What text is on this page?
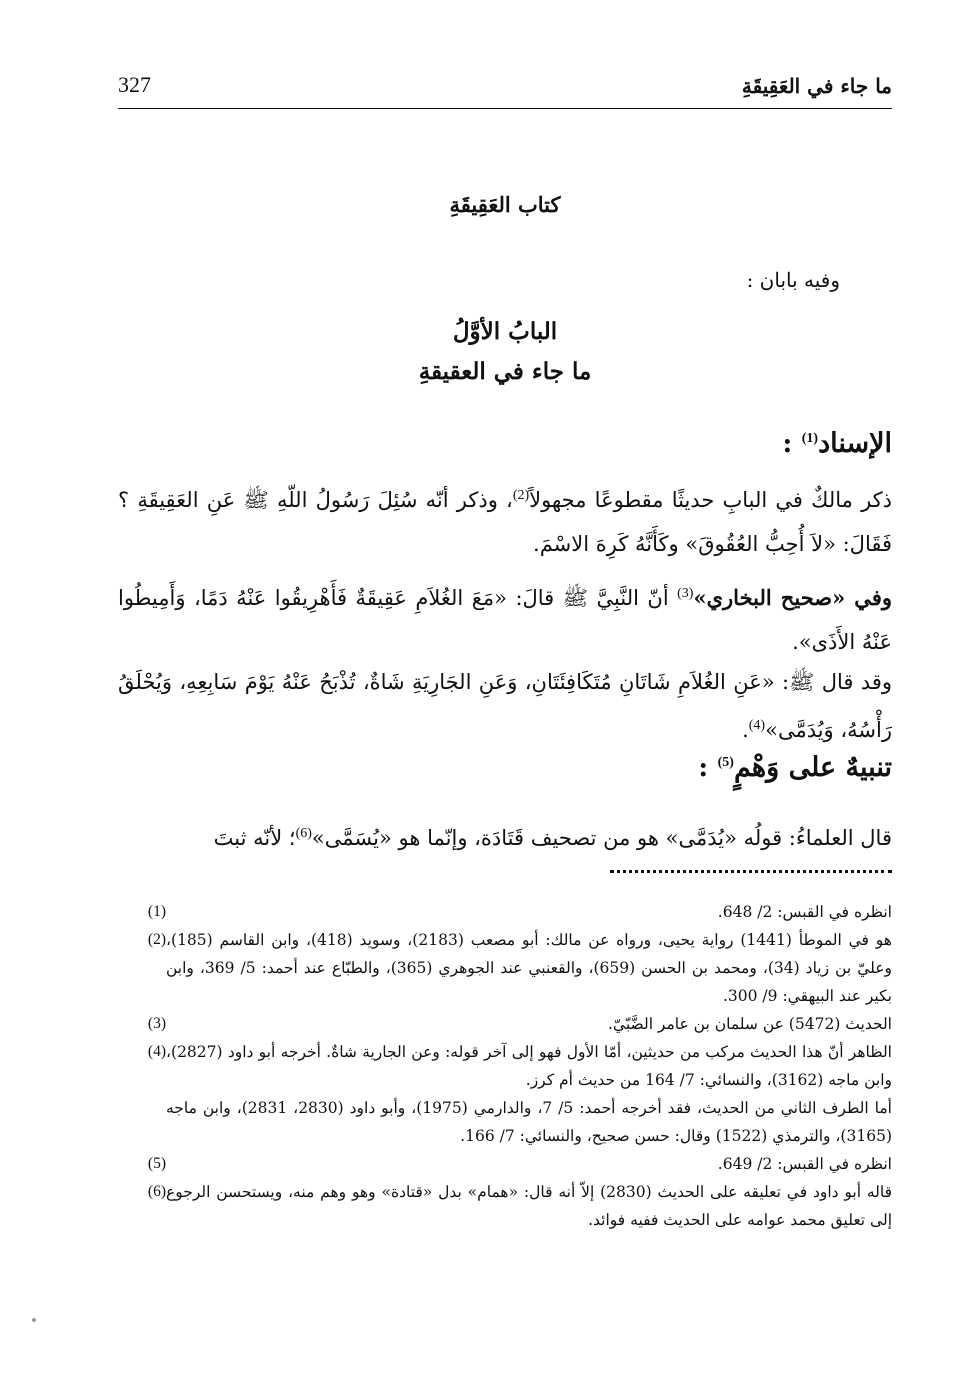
ما جاء في العَقِيقَةِ
327
كتاب العَقِيقَةِ
وفيه بابان :
البابُ الأوَّلُ
ما جاء في العقيقةِ
الإسناد$^{(1)}$ :
ذكر مالكٌ في البابِ حديثًا مقطوعًا مجهولاً$^{(2)}$، وذكر أنّه سُئِلَ رَسُولُ اللّهِ ﷺ عَنِ العَقِيقَةِ ؟ فَقَالَ: «لاَ أُحِبُّ العُقُوقَ» وكَأَنَّهُ كَرِهَ الاسْمَ.
وفي «صحيح البخاري»$^{(3)}$ أنّ النَّبِيَّ ﷺ قالَ: «مَعَ الغُلاَمِ عَقِيقَةٌ فَأَهْرِيقُوا عَنْهُ دَمًا، وَأَمِيطُوا عَنْهُ الأَذَى».
وقد قال ﷺ: «عَنِ الغُلاَمِ شَاتَانِ مُتَكَافِئَتَانِ، وَعَنِ الجَارِيَةِ شَاةٌ، تُذْبَحُ عَنْهُ يَوْمَ سَابِعِهِ، وَيُحْلَقُ رَأْسُهُ، وَيُدَمَّى»$^{(4)}$.
تنبيهٌ على وَهْمٍ$^{(5)}$ :
قال العلماءُ: قولُه «يُدَمَّى» هو من تصحيف قَتَادَة، وإنّما هو «يُسَمَّى»$^{(6)}$؛ لأنّه ثبتَ
انظره في القبس: 2/ 648.
(1)
هو في الموطأ (1441) رواية يحيى، ورواه عن مالك: أبو مصعب (2183)، وسويد (418)، وابن القاسم (185)، وعليّ بن زياد (34)، ومحمد بن الحسن (659)، والقعنبي عند الجوهري (365)، والطبّاع عند أحمد: 5/ 369، وابن بكير عند البيهقي: 9/ 300.
(2)
الحديث (5472) عن سلمان بن عامر الضَّبّيّ.
(3)
الظاهر أنّ هذا الحديث مركب من حديثين، أمّا الأول فهو إلى آخر قوله: وعن الجارية شاةٌ. أخرجه أبو داود (2827)، وابن ماجه (3162)، والنسائي: 7/ 164 من حديث أم كرز.
أما الطرف الثاني من الحديث، فقد أخرجه أحمد: 5/ 7، والدارمي (1975)، وأبو داود (2830، 2831)، وابن ماجه (3165)، والترمذي (1522) وقال: حسن صحيح، والنسائي: 7/ 166.
(4)
انظره في القبس: 2/ 649.
(5)
قاله أبو داود في تعليقه على الحديث (2830) إلاّ أنه قال: «همام» بدل «قتادة» وهو وهم منه، ويستحسن الرجوع إلى تعليق محمد عوامه على الحديث ففيه فوائد.
(6)
